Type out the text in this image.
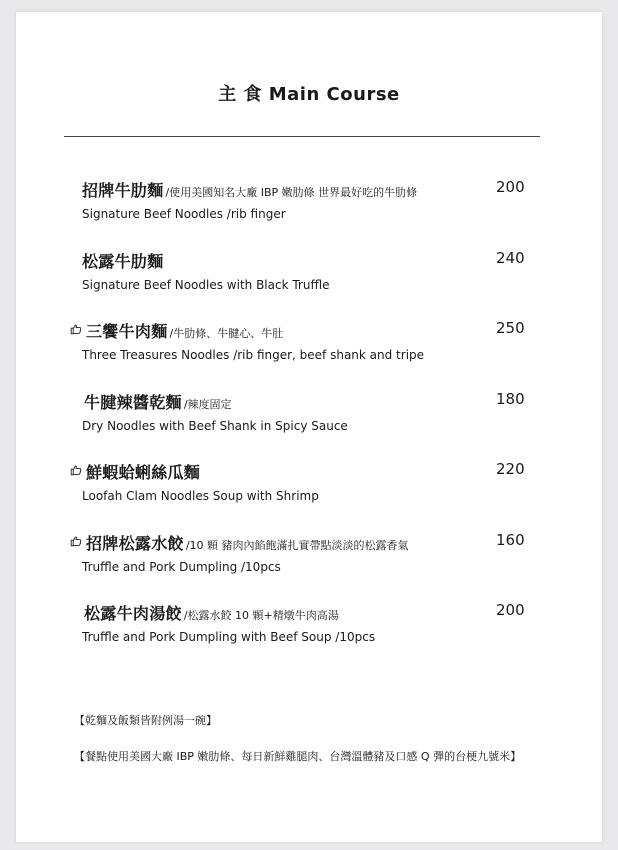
主 食 Main Course
招牌牛肋麵 /使用美國知名大廠 IBP 嫩肋條 世界最好吃的牛肋條
Signature Beef Noodles /rib finger
200
松露牛肋麵
Signature Beef Noodles with Black Truffle
240
三饗牛肉麵 /牛肋條、牛腱心、牛肚
Three Treasures Noodles /rib finger, beef shank and tripe
250
牛腱辣醬乾麵 /辣度固定
Dry Noodles with Beef Shank in Spicy Sauce
180
鮮蝦蛤蜊絲瓜麵
Loofah Clam Noodles Soup with Shrimp
220
招牌松露水餃 /10 顆 豬肉內餡飽滿扎實帶點淡淡的松露香氣
Truffle and Pork Dumpling /10pcs
160
松露牛肉湯餃 /松露水餃 10 顆+精燉牛肉高湯
Truffle and Pork Dumpling with Beef Soup /10pcs
200
【乾麵及飯類皆附例湯一碗】
【餐點使用美國大廠 IBP 嫩肋條、每日新鮮雞腿肉、台灣溫體豬及口感 Q 彈的台梗九號米】
